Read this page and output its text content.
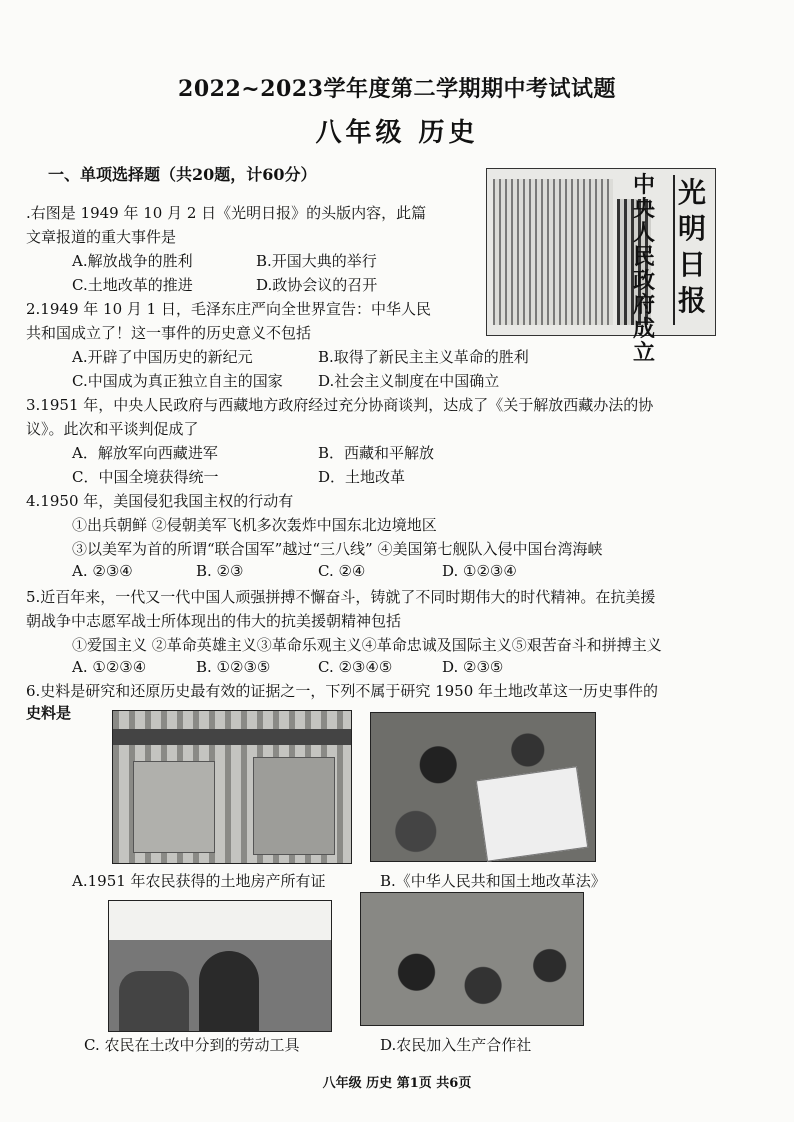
2022~2023学年度第二学期期中考试试题
八年级 历史
一、单项选择题（共20题，计60分）	中央人民政府成立
光明日报
.右图是 1949 年 10 月 2 日《光明日报》的头版内容，此篇
文章报道的重大事件是
A.解放战争的胜利	B.开国大典的举行
C.土地改革的推进	D.政协会议的召开
2.1949 年 10 月 1 日，毛泽东庄严向全世界宣告：中华人民
共和国成立了！这一事件的历史意义不包括
A.开辟了中国历史的新纪元	B.取得了新民主主义革命的胜利
C.中国成为真正独立自主的国家 D.社会主义制度在中国确立
3.1951 年，中央人民政府与西藏地方政府经过充分协商谈判，达成了《关于解放西藏办法的协
议》。此次和平谈判促成了
A．解放军向西藏进军	B．西藏和平解放
C．中国全境获得统一	D．土地改革
4.1950 年，美国侵犯我国主权的行动有
①出兵朝鲜 ②侵朝美军飞机多次轰炸中国东北边境地区
③以美军为首的所谓“联合国军”越过“三八线” ④美国第七舰队入侵中国台湾海峡
A. ②③④	B. ②③	C. ②④	D. ①②③④
5.近百年来，一代又一代中国人顽强拼搏不懈奋斗，铸就了不同时期伟大的时代精神。在抗美援
朝战争中志愿军战士所体现出的伟大的抗美援朝精神包括
①爱国主义 ②革命英雄主义③革命乐观主义④革命忠诚及国际主义⑤艰苦奋斗和拼搏主义
A. ①②③④	B. ①②③⑤	C. ②③④⑤	D. ②③⑤
6.史料是研究和还原历史最有效的证据之一，下列不属于研究 1950 年土地改革这一历史事件的
史料是
A.1951 年农民获得的土地房产所有证	B.《中华人民共和国土地改革法》
C. 农民在土改中分到的劳动工具	D.农民加入生产合作社
八年级 历史 第1页 共6页
